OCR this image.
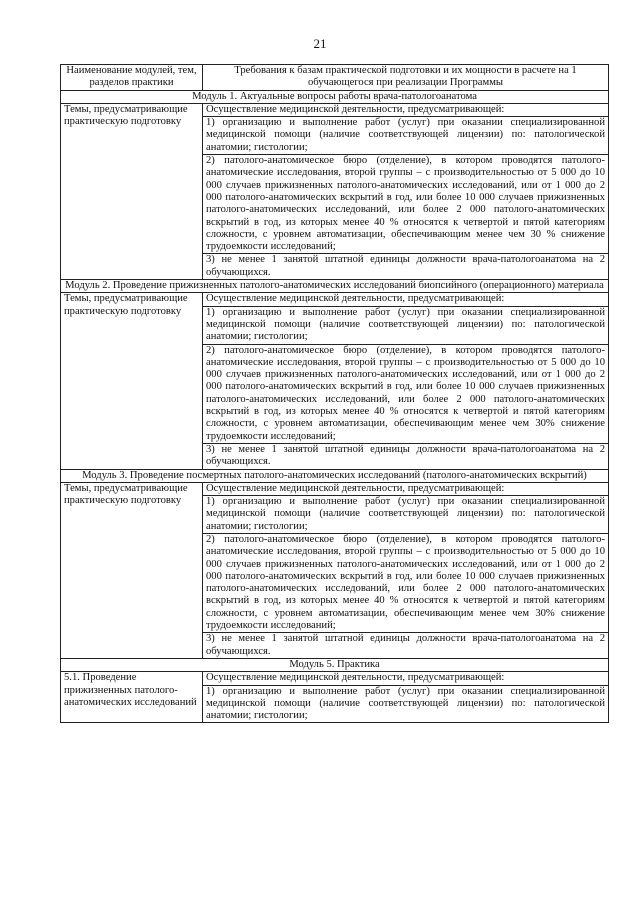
21
Наименование модулей, тем, разделов практики	Требования к базам практической подготовки и их мощности в расчете на 1 обучающегося при реализации Программы
Модуль 1. Актуальные вопросы работы врача-патологоанатома	
Темы, предусматривающие практическую подготовку	Осуществление медицинской деятельности, предусматривающей:

1) организацию и выполнение работ (услуг) при оказании специализированной медицинской помощи (наличие соответствующей лицензии) по: патологической анатомии; гистологии;

2) патолого-анатомическое бюро (отделение), в котором проводятся патолого-анатомические исследования, второй группы – с производительностью от 5 000 до 10 000 случаев прижизненных патолого-анатомических исследований, или от 1 000 до 2 000 патолого-анатомических вскрытий в год, или более 10 000 случаев прижизненных патолого-анатомических исследований, или более 2 000 патолого-анатомических вскрытий в год, из которых менее 40 % относятся к четвертой и пятой категориям сложности, с уровнем автоматизации, обеспечивающим менее чем 30 % снижение трудоемкости исследований;

3) не менее 1 занятой штатной единицы должности врача-патологоанатома на 2 обучающихся.

Модуль 2. Проведение прижизненных патолого-анатомических исследований биопсийного (операционного) материала	
Темы, предусматривающие практическую подготовку	Осуществление медицинской деятельности, предусматривающей:

1) организацию и выполнение работ (услуг) при оказании специализированной медицинской помощи (наличие соответствующей лицензии) по: патологической анатомии; гистологии;

2) патолого-анатомическое бюро (отделение), в котором проводятся патолого-анатомические исследования, второй группы – с производительностью от 5 000 до 10 000 случаев прижизненных патолого-анатомических исследований, или от 1 000 до 2 000 патолого-анатомических вскрытий в год, или более 10 000 случаев прижизненных патолого-анатомических исследований, или более 2 000 патолого-анатомических вскрытий в год, из которых менее 40 % относятся к четвертой и пятой категориям сложности, с уровнем автоматизации, обеспечивающим менее чем 30% снижение трудоемкости исследований;

3) не менее 1 занятой штатной единицы должности врача-патологоанатома на 2 обучающихся.

Модуль 3. Проведение посмертных патолого-анатомических исследований (патолого-анатомических вскрытий)	
Темы, предусматривающие практическую подготовку	Осуществление медицинской деятельности, предусматривающей:

1) организацию и выполнение работ (услуг) при оказании специализированной медицинской помощи (наличие соответствующей лицензии) по: патологической анатомии; гистологии;

2) патолого-анатомическое бюро (отделение), в котором проводятся патолого-анатомические исследования, второй группы – с производительностью от 5 000 до 10 000 случаев прижизненных патолого-анатомических исследований, или от 1 000 до 2 000 патолого-анатомических вскрытий в год, или более 10 000 случаев прижизненных патолого-анатомических исследований, или более 2 000 патолого-анатомических вскрытий в год, из которых менее 40 % относятся к четвертой и пятой категориям сложности, с уровнем автоматизации, обеспечивающим менее чем 30% снижение трудоемкости исследований;

3) не менее 1 занятой штатной единицы должности врача-патологоанатома на 2 обучающихся.

Модуль 5. Практика	
5.1. Проведение прижизненных патолого-анатомических исследований	Осуществление медицинской деятельности, предусматривающей:

1) организацию и выполнение работ (услуг) при оказании специализированной медицинской помощи (наличие соответствующей лицензии) по: патологической анатомии; гистологии;
